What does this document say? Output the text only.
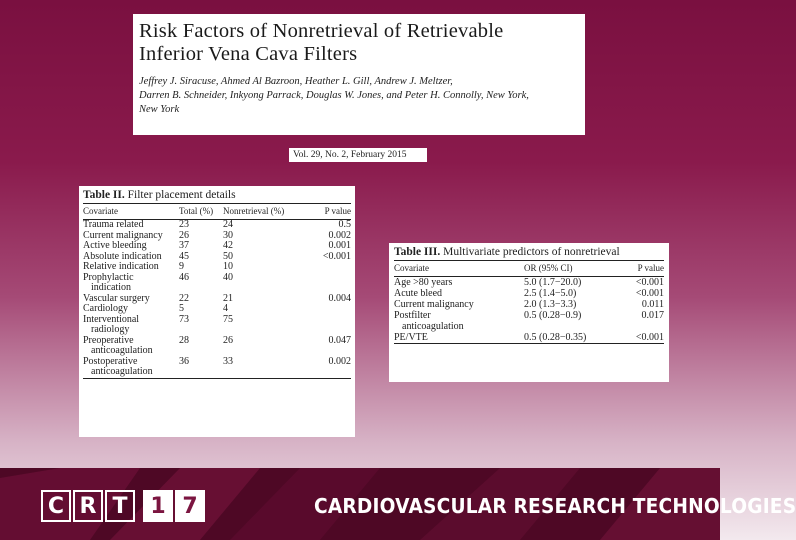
Risk Factors of Nonretrieval of Retrievable
Inferior Vena Cava Filters
Jeffrey J. Siracuse, Ahmed Al Bazroon, Heather L. Gill, Andrew J. Meltzer,
Darren B. Schneider, Inkyong Parrack, Douglas W. Jones, and Peter H. Connolly, New York,
New York
Vol. 29, No. 2, February 2015
Table II. Filter placement details
Covariate	Total (%)	Nonretrieval (%)	P value
Trauma related	23	24	0.5
Current malignancy	26	30	0.002
Active bleeding	37	42	0.001
Absolute indication	45	50	<0.001
Relative indication	9	10	
Prophylactic	46	40	
indication			
Vascular surgery	22	21	0.004
Cardiology	5	4	
Interventional	73	75	
radiology			
Preoperative	28	26	0.047
anticoagulation			
Postoperative	36	33	0.002
anticoagulation			
Table III. Multivariate predictors of nonretrieval
Covariate	OR (95% CI)	P value
Age >80 years	5.0 (1.7−20.0)	<0.001
Acute bleed	2.5 (1.4−5.0)	<0.001
Current malignancy	2.0 (1.3−3.3)	0.011
Postfilter	0.5 (0.28−0.9)	0.017
anticoagulation		
PE/VTE	0.5 (0.28−0.35)	<0.001
C R T	1 7	CARDIOVASCULAR RESEARCH TECHNOLOGIES
